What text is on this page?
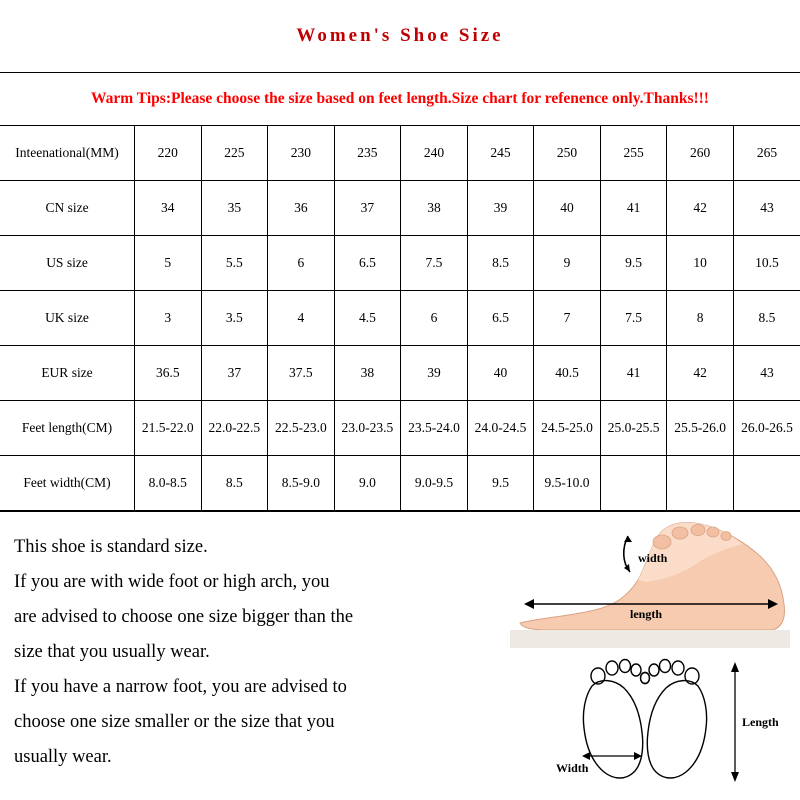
Women's Shoe Size
Warm Tips:Please choose the size based on feet length.Size chart for refenence only.Thanks!!!
Inteenational(MM)	220	225	230	235	240	245	250	255	260	265
CN size	34	35	36	37	38	39	40	41	42	43
US size	5	5.5	6	6.5	7.5	8.5	9	9.5	10	10.5
UK size	3	3.5	4	4.5	6	6.5	7	7.5	8	8.5
EUR size	36.5	37	37.5	38	39	40	40.5	41	42	43
Feet length(CM)	21.5-22.0	22.0-22.5	22.5-23.0	23.0-23.5	23.5-24.0	24.0-24.5	24.5-25.0	25.0-25.5	25.5-26.0	26.0-26.5
Feet width(CM)	8.0-8.5	8.5	8.5-9.0	9.0	9.0-9.5	9.5	9.5-10.0			
This shoe is standard size.
If you are with wide foot or high arch, you
are advised to choose one size bigger than the
size that you usually wear.
If you have a narrow foot, you are advised to
choose one size smaller or the size that you
usually wear.
width
length
Width
Length
